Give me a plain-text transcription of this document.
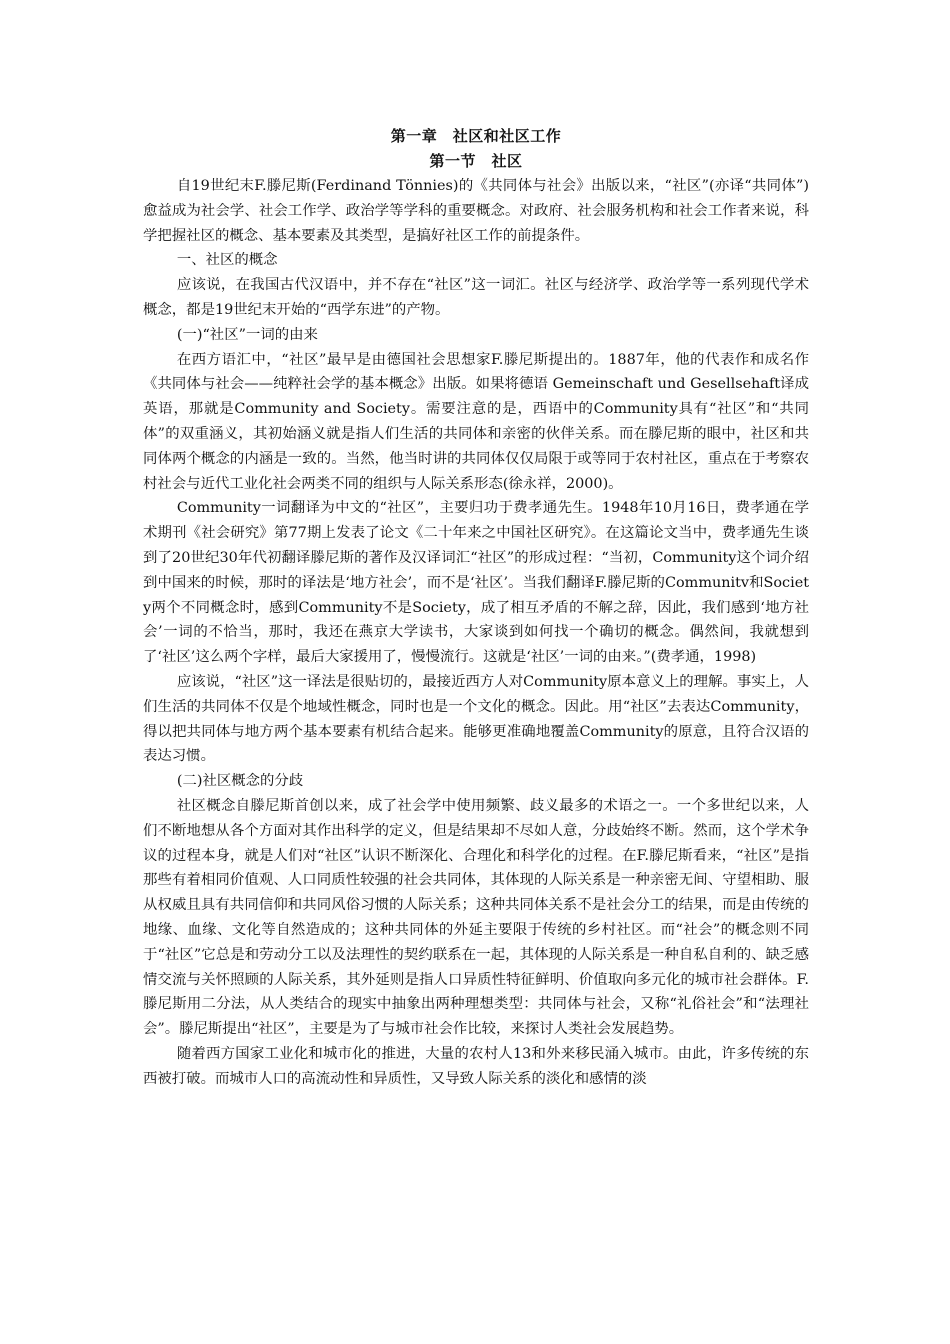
第一章　社区和社区工作
第一节　社区

自19世纪末F.滕尼斯(Ferdinand Tönnies)的《共同体与社会》出版以来，“社区”(亦译“共同体”)愈益成为社会学、社会工作学、政治学等学科的重要概念。对政府、社会服务机构和社会工作者来说，科学把握社区的概念、基本要素及其类型，是搞好社区工作的前提条件。

一、社区的概念

应该说，在我国古代汉语中，并不存在“社区”这一词汇。社区与经济学、政治学等一系列现代学术概念，都是19世纪末开始的“西学东进”的产物。

(一)“社区”一词的由来

在西方语汇中，“社区”最早是由德国社会思想家F.滕尼斯提出的。1887年，他的代表作和成名作《共同体与社会——纯粹社会学的基本概念》出版。如果将德语 Gemeinschaft und Gesellsehaft译成英语，那就是Community and Society。需要注意的是，西语中的Community具有“社区”和“共同体”的双重涵义，其初始涵义就是指人们生活的共同体和亲密的伙伴关系。而在滕尼斯的眼中，社区和共同体两个概念的内涵是一致的。当然，他当时讲的共同体仅仅局限于或等同于农村社区，重点在于考察农村社会与近代工业化社会两类不同的组织与人际关系形态(徐永祥，2000)。

Community一词翻译为中文的“社区”，主要归功于费孝通先生。1948年10月16日，费孝通在学术期刊《社会研究》第77期上发表了论文《二十年来之中国社区研究》。在这篇论文当中，费孝通先生谈到了20世纪30年代初翻译滕尼斯的著作及汉译词汇“社区”的形成过程：“当初，Community这个词介绍到中国来的时候，那时的译法是‘地方社会’，而不是‘社区’。当我们翻译F.滕尼斯的Communitv和Society两个不同概念时，感到Community不是Society，成了相互矛盾的不解之辞，因此，我们感到‘地方社会’一词的不恰当，那时，我还在燕京大学读书，大家谈到如何找一个确切的概念。偶然间，我就想到了‘社区’这么两个字样，最后大家援用了，慢慢流行。这就是‘社区’一词的由来。”(费孝通，1998)

应该说，“社区”这一译法是很贴切的，最接近西方人对Community原本意义上的理解。事实上，人们生活的共同体不仅是个地域性概念，同时也是一个文化的概念。因此。用“社区”去表达Community，得以把共同体与地方两个基本要素有机结合起来。能够更准确地覆盖Community的原意，且符合汉语的表达习惯。

(二)社区概念的分歧

社区概念自滕尼斯首创以来，成了社会学中使用频繁、歧义最多的术语之一。一个多世纪以来，人们不断地想从各个方面对其作出科学的定义，但是结果却不尽如人意，分歧始终不断。然而，这个学术争议的过程本身，就是人们对“社区”认识不断深化、合理化和科学化的过程。在F.滕尼斯看来，“社区”是指那些有着相同价值观、人口同质性较强的社会共同体，其体现的人际关系是一种亲密无间、守望相助、服从权威且具有共同信仰和共同风俗习惯的人际关系；这种共同体关系不是社会分工的结果，而是由传统的地缘、血缘、文化等自然造成的；这种共同体的外延主要限于传统的乡村社区。而“社会”的概念则不同于“社区”它总是和劳动分工以及法理性的契约联系在一起，其体现的人际关系是一种自私自利的、缺乏感情交流与关怀照顾的人际关系，其外延则是指人口异质性特征鲜明、价值取向多元化的城市社会群体。F.滕尼斯用二分法，从人类结合的现实中抽象出两种理想类型：共同体与社会，又称“礼俗社会”和“法理社会”。滕尼斯提出“社区”，主要是为了与城市社会作比较，来探讨人类社会发展趋势。

随着西方国家工业化和城市化的推进，大量的农村人13和外来移民涌入城市。由此，许多传统的东西被打破。而城市人口的高流动性和异质性，又导致人际关系的淡化和感情的淡
